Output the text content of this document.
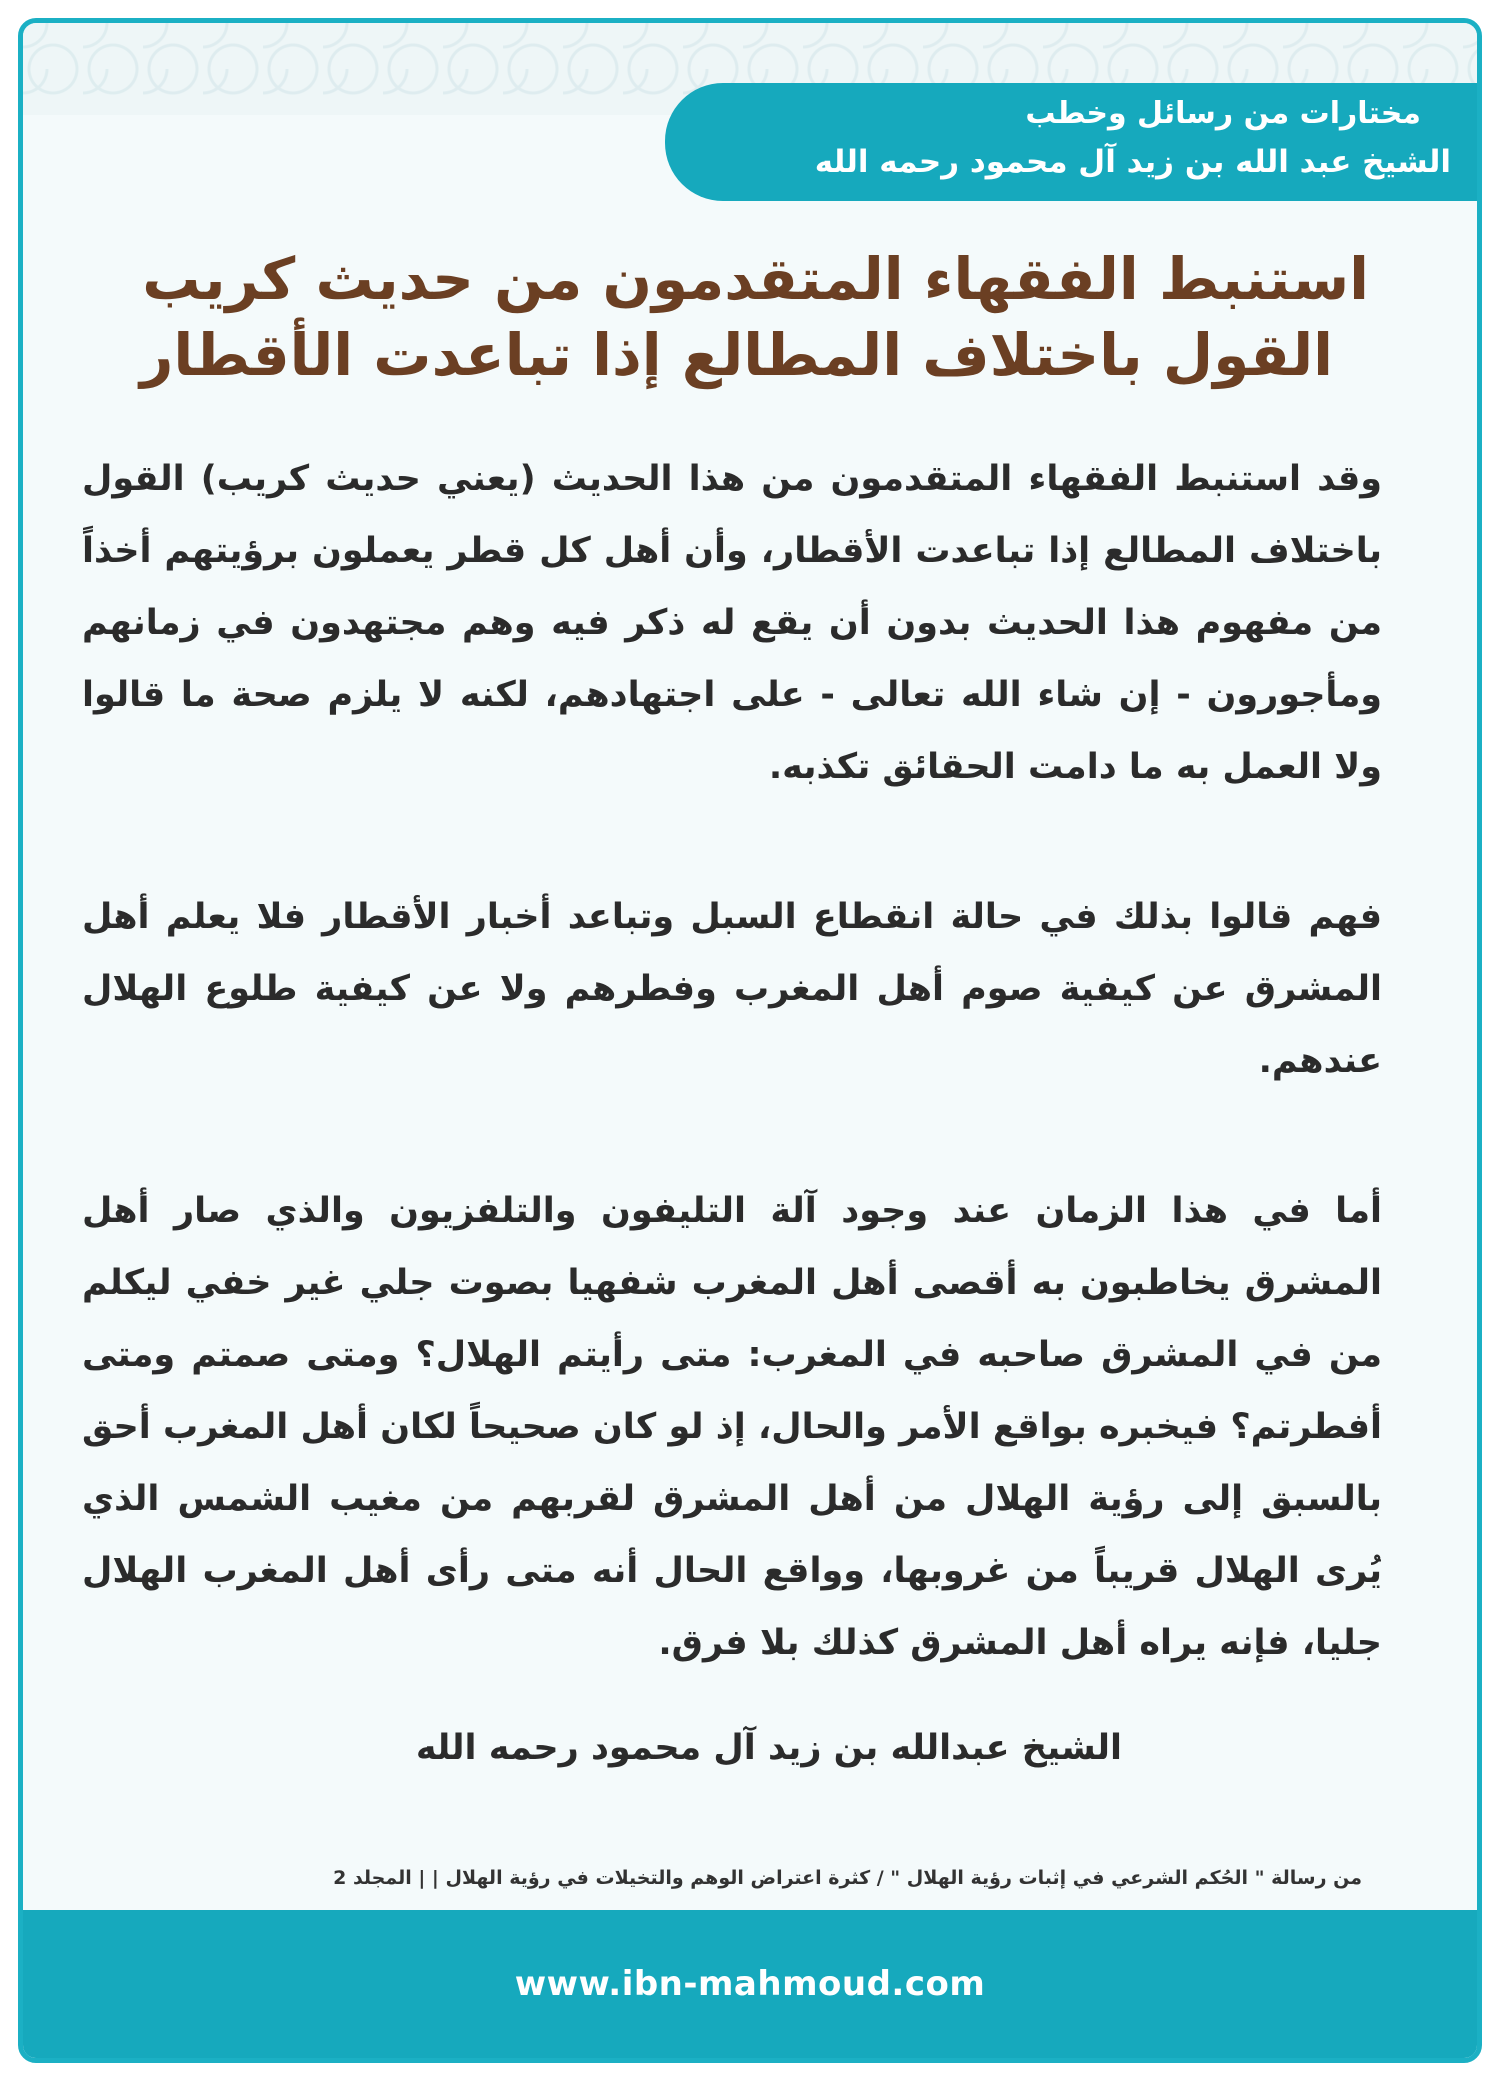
مختارات من رسائل وخطب
الشيخ عبد الله بن زيد آل محمود رحمه الله
استنبط الفقهاء المتقدمون من حديث كريب
القول باختلاف المطالع إذا تباعدت الأقطار

وقد استنبط الفقهاء المتقدمون من هذا الحديث (يعني حديث كريب) القول باختلاف المطالع إذا تباعدت الأقطار، وأن أهل كل قطر يعملون برؤيتهم أخذاً من مفهوم هذا الحديث بدون أن يقع له ذكر فيه وهم مجتهدون في زمانهم ومأجورون - إن شاء الله تعالى - على اجتهادهم، لكنه لا يلزم صحة ما قالوا ولا العمل به ما دامت الحقائق تكذبه.

فهم قالوا بذلك في حالة انقطاع السبل وتباعد أخبار الأقطار فلا يعلم أهل المشرق عن كيفية صوم أهل المغرب وفطرهم ولا عن كيفية طلوع الهلال عندهم.

أما في هذا الزمان عند وجود آلة التليفون والتلفزيون والذي صار أهل المشرق يخاطبون به أقصى أهل المغرب شفهيا بصوت جلي غير خفي ليكلم من في المشرق صاحبه في المغرب: متى رأيتم الهلال؟ ومتى صمتم ومتى أفطرتم؟ فيخبره بواقع الأمر والحال، إذ لو كان صحيحاً لكان أهل المغرب أحق بالسبق إلى رؤية الهلال من أهل المشرق لقربهم من مغيب الشمس الذي يُرى الهلال قريباً من غروبها، وواقع الحال أنه متى رأى أهل المغرب الهلال جليا، فإنه يراه أهل المشرق كذلك بلا فرق.

الشيخ عبدالله بن زيد آل محمود رحمه الله
من رسالة " الحُكم الشرعي في إثبات رؤية الهلال " / كثرة اعتراض الوهم والتخيلات في رؤية الهلال | | المجلد 2
www.ibn-mahmoud.com
